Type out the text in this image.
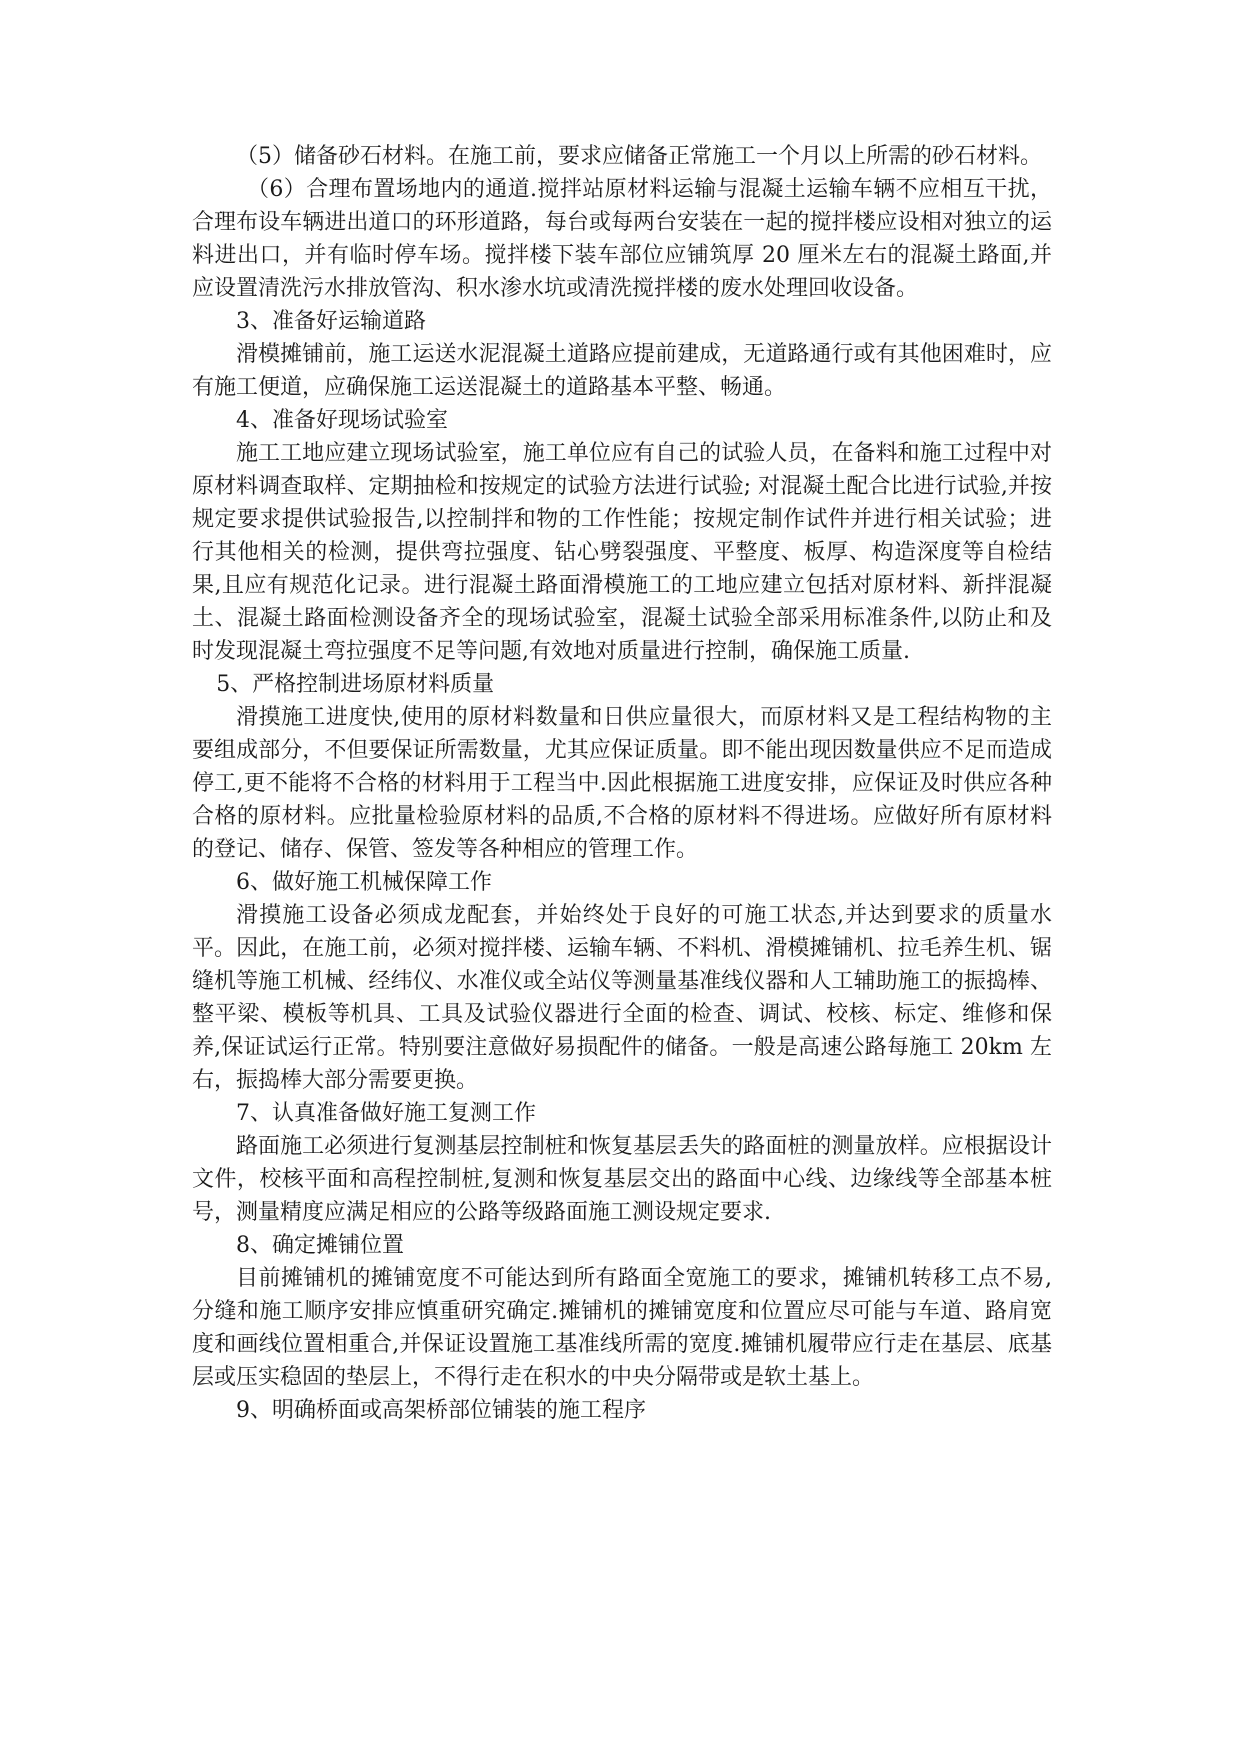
（5）储备砂石材料。在施工前，要求应储备正常施工一个月以上所需的砂石材料。

（6）合理布置场地内的通道.搅拌站原材料运输与混凝土运输车辆不应相互干扰，合理布设车辆进出道口的环形道路，每台或每两台安装在一起的搅拌楼应设相对独立的运料进出口，并有临时停车场。搅拌楼下装车部位应铺筑厚 20 厘米左右的混凝土路面,并应设置清洗污水排放管沟、积水渗水坑或清洗搅拌楼的废水处理回收设备。

3、准备好运输道路

滑模摊铺前，施工运送水泥混凝土道路应提前建成，无道路通行或有其他困难时，应有施工便道，应确保施工运送混凝土的道路基本平整、畅通。

4、准备好现场试验室

施工工地应建立现场试验室，施工单位应有自己的试验人员，在备料和施工过程中对原材料调查取样、定期抽检和按规定的试验方法进行试验; 对混凝土配合比进行试验,并按规定要求提供试验报告,以控制拌和物的工作性能；按规定制作试件并进行相关试验；进行其他相关的检测，提供弯拉强度、钻心劈裂强度、平整度、板厚、构造深度等自检结果,且应有规范化记录。进行混凝土路面滑模施工的工地应建立包括对原材料、新拌混凝土、混凝土路面检测设备齐全的现场试验室，混凝土试验全部采用标准条件,以防止和及时发现混凝土弯拉强度不足等问题,有效地对质量进行控制，确保施工质量.

5、严格控制进场原材料质量

滑摸施工进度快,使用的原材料数量和日供应量很大，而原材料又是工程结构物的主要组成部分，不但要保证所需数量，尤其应保证质量。即不能出现因数量供应不足而造成停工,更不能将不合格的材料用于工程当中.因此根据施工进度安排，应保证及时供应各种合格的原材料。应批量检验原材料的品质,不合格的原材料不得进场。应做好所有原材料的登记、储存、保管、签发等各种相应的管理工作。

6、做好施工机械保障工作

滑摸施工设备必须成龙配套，并始终处于良好的可施工状态,并达到要求的质量水平。因此，在施工前，必须对搅拌楼、运输车辆、不料机、滑模摊铺机、拉毛养生机、锯缝机等施工机械、经纬仪、水准仪或全站仪等测量基准线仪器和人工辅助施工的振捣棒、整平梁、模板等机具、工具及试验仪器进行全面的检查、调试、校核、标定、维修和保养,保证试运行正常。特别要注意做好易损配件的储备。一般是高速公路每施工 20km 左右，振捣棒大部分需要更换。

7、认真准备做好施工复测工作

路面施工必须进行复测基层控制桩和恢复基层丢失的路面桩的测量放样。应根据设计文件，校核平面和高程控制桩,复测和恢复基层交出的路面中心线、边缘线等全部基本桩号，测量精度应满足相应的公路等级路面施工测设规定要求.

8、确定摊铺位置

目前摊铺机的摊铺宽度不可能达到所有路面全宽施工的要求，摊铺机转移工点不易,分缝和施工顺序安排应慎重研究确定.摊铺机的摊铺宽度和位置应尽可能与车道、路肩宽度和画线位置相重合,并保证设置施工基准线所需的宽度.摊铺机履带应行走在基层、底基层或压实稳固的垫层上，不得行走在积水的中央分隔带或是软土基上。

9、明确桥面或高架桥部位铺装的施工程序
